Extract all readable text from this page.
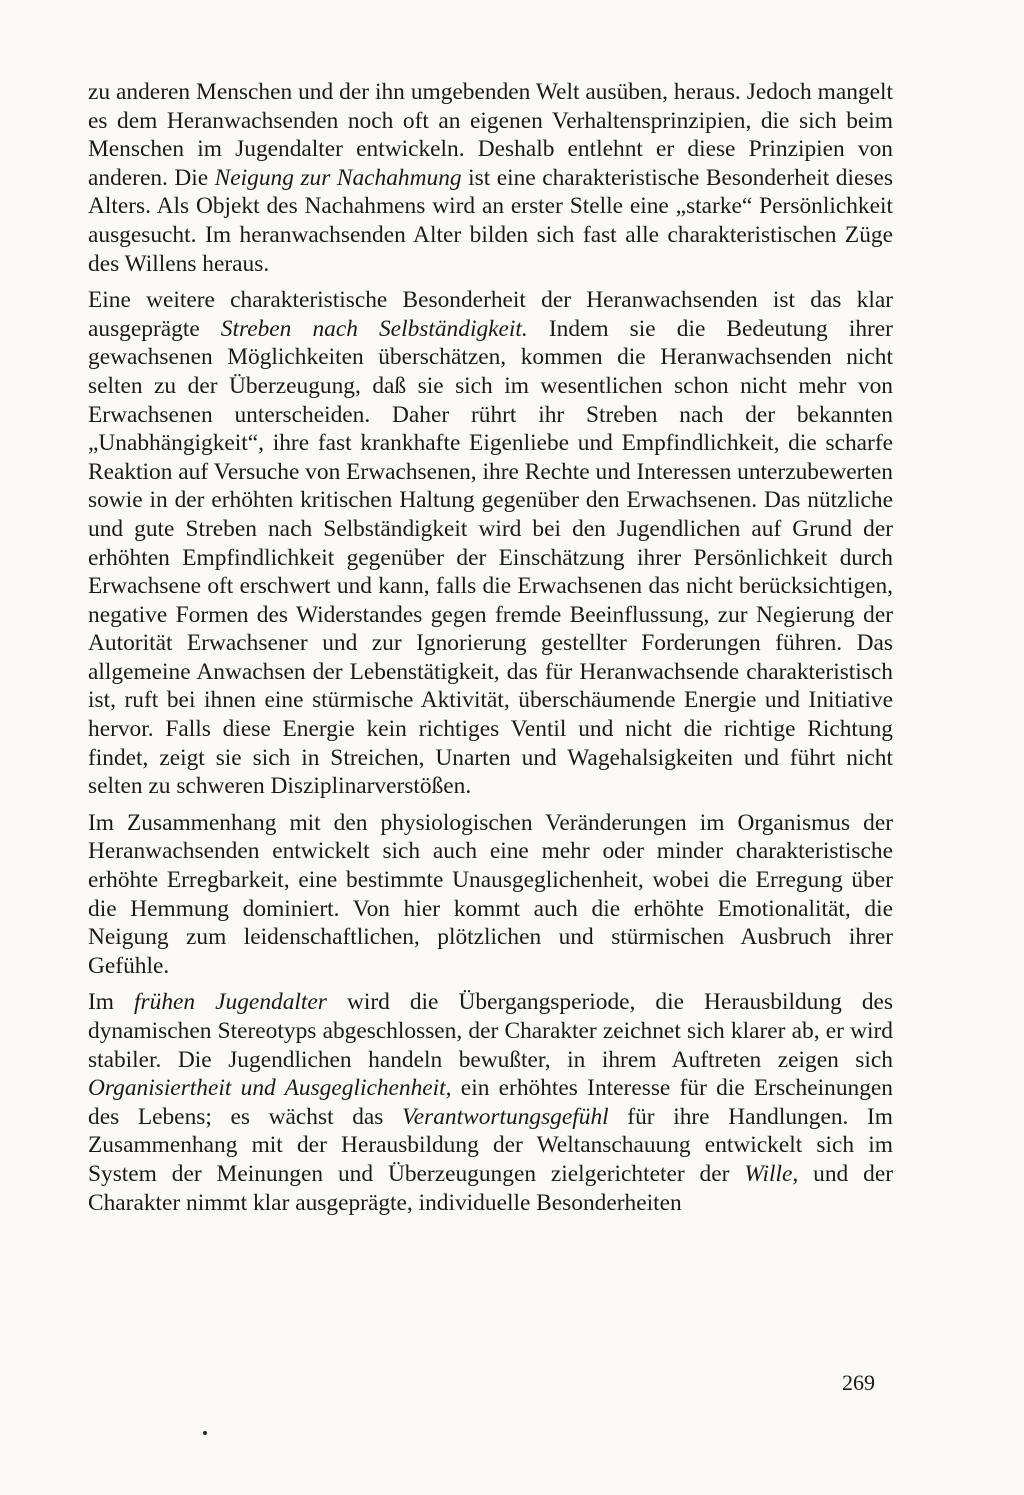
zu anderen Menschen und der ihn umgebenden Welt ausüben, heraus. Jedoch mangelt es dem Heranwachsenden noch oft an eigenen Verhaltensprinzipien, die sich beim Menschen im Jugendalter entwickeln. Deshalb entlehnt er diese Prinzipien von anderen. Die Neigung zur Nachahmung ist eine charakteristische Besonderheit dieses Alters. Als Objekt des Nachahmens wird an erster Stelle eine „starke“ Persönlichkeit ausgesucht. Im heranwachsenden Alter bilden sich fast alle charakteristischen Züge des Willens heraus.

Eine weitere charakteristische Besonderheit der Heranwachsenden ist das klar ausgeprägte Streben nach Selbständigkeit. Indem sie die Bedeutung ihrer gewachsenen Möglichkeiten überschätzen, kommen die Heranwachsenden nicht selten zu der Überzeugung, daß sie sich im wesentlichen schon nicht mehr von Erwachsenen unterscheiden. Daher rührt ihr Streben nach der bekannten „Unabhängigkeit“, ihre fast krankhafte Eigenliebe und Empfindlichkeit, die scharfe Reaktion auf Versuche von Erwachsenen, ihre Rechte und Interessen unterzubewerten sowie in der erhöhten kritischen Haltung gegenüber den Erwachsenen. Das nützliche und gute Streben nach Selbständigkeit wird bei den Jugendlichen auf Grund der erhöhten Empfindlichkeit gegenüber der Einschätzung ihrer Persönlichkeit durch Erwachsene oft erschwert und kann, falls die Erwachsenen das nicht berücksichtigen, negative Formen des Widerstandes gegen fremde Beeinflussung, zur Negierung der Autorität Erwachsener und zur Ignorierung gestellter Forderungen führen. Das allgemeine Anwachsen der Lebenstätigkeit, das für Heranwachsende charakteristisch ist, ruft bei ihnen eine stürmische Aktivität, überschäumende Energie und Initiative hervor. Falls diese Energie kein richtiges Ventil und nicht die richtige Richtung findet, zeigt sie sich in Streichen, Unarten und Wagehalsigkeiten und führt nicht selten zu schweren Disziplinarverstößen.

Im Zusammenhang mit den physiologischen Veränderungen im Organismus der Heranwachsenden entwickelt sich auch eine mehr oder minder charakteristische erhöhte Erregbarkeit, eine bestimmte Unausgeglichenheit, wobei die Erregung über die Hemmung dominiert. Von hier kommt auch die erhöhte Emotionalität, die Neigung zum leidenschaftlichen, plötzlichen und stürmischen Ausbruch ihrer Gefühle.

Im frühen Jugendalter wird die Übergangsperiode, die Herausbildung des dynamischen Stereotyps abgeschlossen, der Charakter zeichnet sich klarer ab, er wird stabiler. Die Jugendlichen handeln bewußter, in ihrem Auftreten zeigen sich Organisiertheit und Ausgeglichenheit, ein erhöhtes Interesse für die Erscheinungen des Lebens; es wächst das Verantwortungsgefühl für ihre Handlungen. Im Zusammenhang mit der Herausbildung der Weltanschauung entwickelt sich im System der Meinungen und Überzeugungen zielgerichteter der Wille, und der Charakter nimmt klar ausgeprägte, individuelle Besonderheiten

269
